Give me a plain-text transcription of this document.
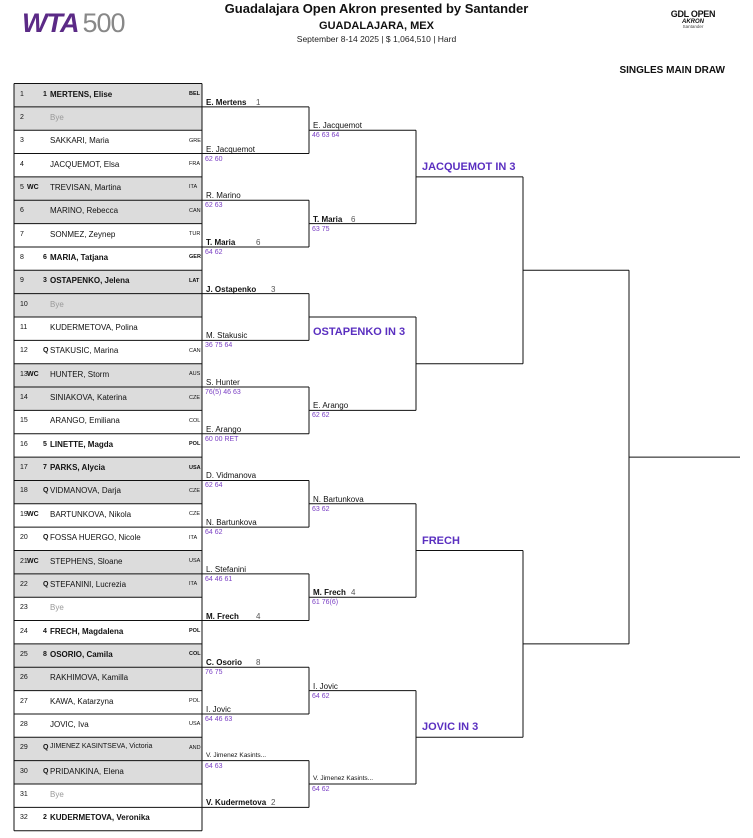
WTA 500	Guadalajara Open Akron presented by Santander
GUADALAJARA, MEX
September 8-14 2025 | $ 1,064,510 | Hard
GDL OPEN
AKRON
Santander
SINGLES MAIN DRAW
1	1 MERTENS, Elise	BEL
2	Bye
3	SAKKARI, Maria	GRE
4	JACQUEMOT, Elsa	FRA
5 WC TREVISAN, Martina	ITA
6	MARINO, Rebecca	CAN
7	SONMEZ, Zeynep	TUR
8	6 MARIA, Tatjana	GER
9	3 OSTAPENKO, Jelena	LAT
10	Bye
11	KUDERMETOVA, Polina
12 Q STAKUSIC, Marina	CAN
13 WC HUNTER, Storm	AUS
14	SINIAKOVA, Katerina	CZE
15	ARANGO, Emiliana	COL
16 5 LINETTE, Magda	POL
17 7 PARKS, Alycia	USA
18 Q VIDMANOVA, Darja	CZE
19 WC BARTUNKOVA, Nikola	CZE
20 Q FOSSA HUERGO, Nicole	ITA
21 WC STEPHENS, Sloane	USA
22 Q STEFANINI, Lucrezia	ITA
23	Bye
24 4 FRECH, Magdalena	POL
25 8 OSORIO, Camila	COL
26	RAKHIMOVA, Kamilla
27	KAWA, Katarzyna	POL
28	JOVIC, Iva	USA
29 Q JIMENEZ KASINTSEVA, Victoria	AND
30 Q PRIDANKINA, Elena
31	Bye
32 2 KUDERMETOVA, Veronika
E. Mertens 1
E. Jacquemot
62 60
R. Marino
62 63
T. Maria	6
64 62
J. Ostapenko 3
M. Stakusic
36 75 64
S. Hunter
76(5) 46 63
E. Arango
60 00 RET
D. Vidmanova
62 64
N. Bartunkova
64 62
L. Stefanini
64 46 61
M. Frech 4
C. Osorio 8
76 75
I. Jovic
64 46 63
V. Jimenez Kasints...
64 63
V. Kudermetova 2
E. Jacquemot
46 63 64
T. Maria 6
63 75
E. Arango
62 62
N. Bartunkova
63 62
M. Frech 4
61 76(6)
I. Jovic
64 62
V. Jimenez Kasints...
64 62
JACQUEMOT IN 3
OSTAPENKO IN 3
FRECH
JOVIC IN 3
